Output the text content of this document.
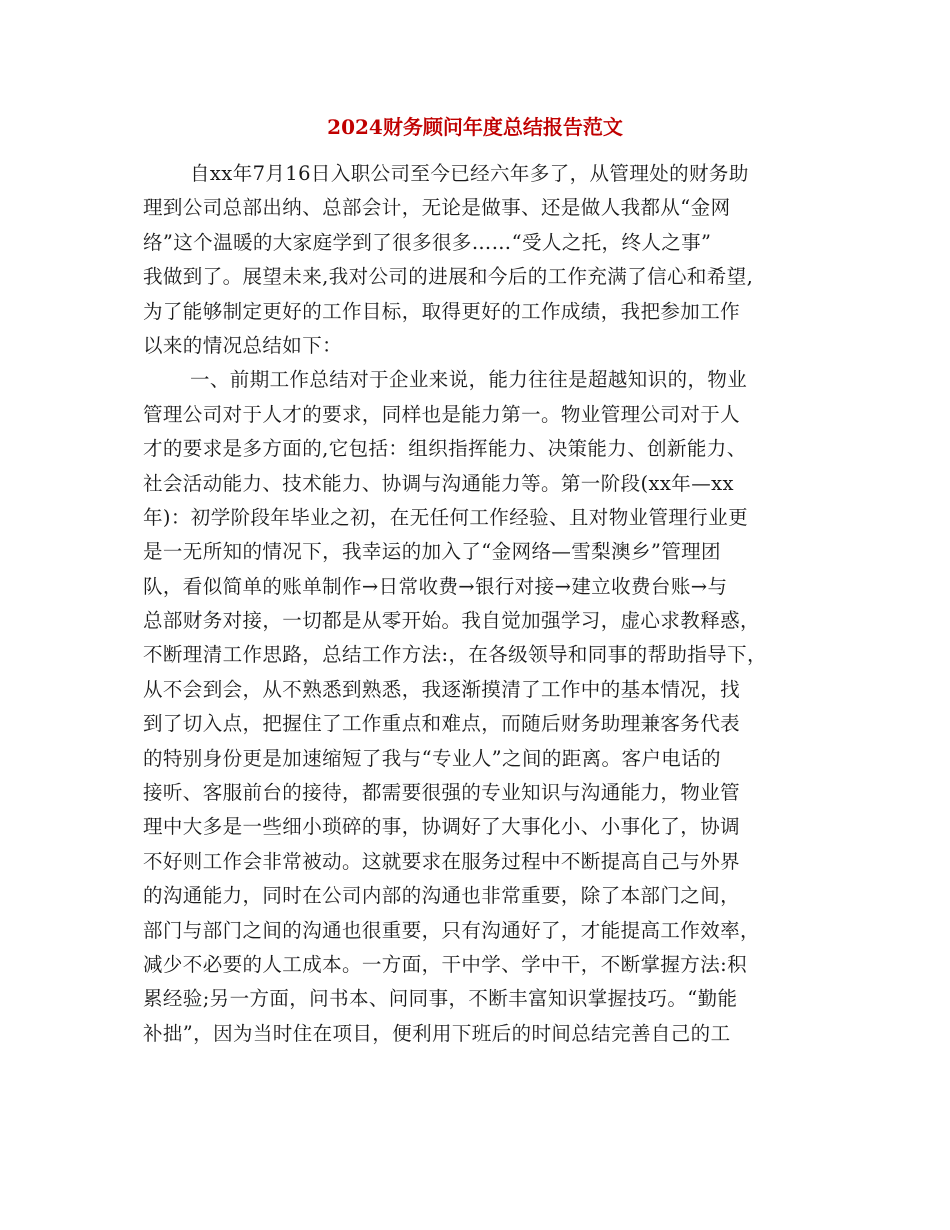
2024财务顾问年度总结报告范文
自xx年7月16日入职公司至今已经六年多了，从管理处的财务助
理到公司总部出纳、总部会计，无论是做事、还是做人我都从“金网
络”这个温暖的大家庭学到了很多很多……“受人之托，终人之事”
我做到了。展望未来,我对公司的进展和今后的工作充满了信心和希望,
为了能够制定更好的工作目标，取得更好的工作成绩，我把参加工作
以来的情况总结如下：
一、前期工作总结对于企业来说，能力往往是超越知识的，物业
管理公司对于人才的要求，同样也是能力第一。物业管理公司对于人
才的要求是多方面的,它包括：组织指挥能力、决策能力、创新能力、
社会活动能力、技术能力、协调与沟通能力等。第一阶段(xx年—xx
年)：初学阶段年毕业之初，在无任何工作经验、且对物业管理行业更
是一无所知的情况下，我幸运的加入了“金网络—雪梨澳乡”管理团
队，看似简单的账单制作→日常收费→银行对接→建立收费台账→与
总部财务对接，一切都是从零开始。我自觉加强学习，虚心求教释惑，
不断理清工作思路，总结工作方法:，在各级领导和同事的帮助指导下，
从不会到会，从不熟悉到熟悉，我逐渐摸清了工作中的基本情况，找
到了切入点，把握住了工作重点和难点，而随后财务助理兼客务代表
的特别身份更是加速缩短了我与“专业人”之间的距离。客户电话的
接听、客服前台的接待，都需要很强的专业知识与沟通能力，物业管
理中大多是一些细小琐碎的事，协调好了大事化小、小事化了，协调
不好则工作会非常被动。这就要求在服务过程中不断提高自己与外界
的沟通能力，同时在公司内部的沟通也非常重要，除了本部门之间，
部门与部门之间的沟通也很重要，只有沟通好了，才能提高工作效率，
减少不必要的人工成本。一方面，干中学、学中干，不断掌握方法:积
累经验;另一方面，问书本、问同事，不断丰富知识掌握技巧。“勤能
补拙”，因为当时住在项目，便利用下班后的时间总结完善自己的工
